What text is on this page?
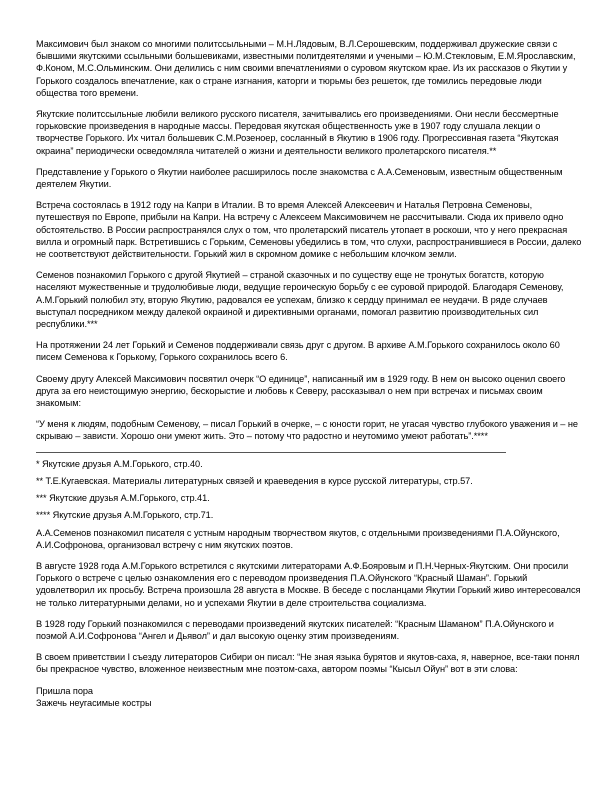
Максимович был знаком со многими политссыльными – М.Н.Лядовым, В.Л.Серошевским, поддерживал дружеские связи с бывшими якутскими ссыльными большевиками, известными политдеятелями и учеными – Ю.М.Стекловым, Е.М.Ярославским, Ф.Коном, М.С.Ольминским. Они делились с ним своими впечатлениями о суровом якутском крае. Из их рассказов о Якутии у Горького создалось впечатление, как о стране изгнания, каторги и тюрьмы без решеток, где томились передовые люди общества того времени.

Якутские политссыльные любили великого русского писателя, зачитывались его произведениями. Они несли бессмертные горьковские произведения в народные массы. Передовая якутская общественность уже в 1907 году слушала лекции о творчестве Горького. Их читал большевик С.М.Розенoер, сосланный в Якутию в 1906 году. Прогрессивная газета “Якутская окраина” периодически осведомляла читателей о жизни и деятельности великого пролетарского писателя.**

Представление у Горького о Якутии наиболее расширилось после знакомства с А.А.Семеновым, известным общественным деятелем Якутии.

Встреча состоялась в 1912 году на Капри в Италии. В то время Алексей Алексеевич и Наталья Петровна Семеновы, путешествуя по Европе, прибыли на Капри. На встречу с Алексеем Максимовичем не рассчитывали. Сюда их привело одно обстоятельство. В России распространялся слух о том, что пролетарский писатель утопает в роскоши, что у него прекрасная вилла и огромный парк. Встретившись с Горьким, Семеновы убедились в том, что слухи, распространившиеся в России, далеко не соответствуют действительности. Горький жил в скромном домике с небольшим клочком земли.

Семенов познакомил Горького с другой Якутией – страной сказочных и по существу еще не тронутых богатств, которую населяют мужественные и трудолюбивые люди, ведущие героическую борьбу с ее суровой природой. Благодаря Семенову, А.М.Горький полюбил эту, вторую Якутию, радовался ее успехам, близко к сердцу принимал ее неудачи. В ряде случаев выступал посредником между далекой окраиной и директивными органами, помогал развитию производительных сил республики.***

На протяжении 24 лет Горький и Семенов поддерживали связь друг с другом. В архиве А.М.Горького сохранилось около 60 писем Семенова к Горькому, Горького сохранилось всего 6.

Своему другу Алексей Максимович посвятил очерк “О единице”, написанный им в 1929 году. В нем он высоко оценил своего друга за его неистощимую энергию, бескорыстие и любовь к Северу, рассказывал о нем при встречах и письмах своим знакомым:

“У меня к людям, подобным Семенову, – писал Горький в очерке, – с юности горит, не угасая чувство глубокого уважения и – не скрываю – зависти. Хорошо они умеют жить. Это – потому что радостно и неутомимо умеют работать”.****

* Якутские друзья А.М.Горького, стр.40.

** Т.Е.Кугаевская. Материалы литературных связей и краеведения в курсе русской литературы, стр.57.

*** Якутские друзья А.М.Горького, стр.41.

**** Якутские друзья А.М.Горького, стр.71.

А.А.Семенов познакомил писателя с устным народным творчеством якутов, с отдельными произведениями П.А.Ойунского, А.И.Софронова, организовал встречу с ним якутских поэтов.

В августе 1928 года А.М.Горького встретился с якутскими литераторами А.Ф.Бояровым и П.Н.Черных-Якутским. Они просили Горького о встрече с целью ознакомления его с переводом произведения П.А.Ойунского “Красный Шаман”. Горький удовлетворил их просьбу. Встреча произошла 28 августа в Москве. В беседе с посланцами Якутии Горький живо интересовался не только литературными делами, но и успехами Якутии в деле строительства социализма.

В 1928 году Горький познакомился с переводами произведений якутских писателей: “Красным Шаманом” П.А.Ойунского и поэмой А.И.Софронова “Ангел и Дьявол” и дал высокую оценку этим произведениям.

В своем приветствии I съезду литераторов Сибири он писал: “Не зная языка бурятов и якутов-саха, я, наверное, все-таки понял бы прекрасное чувство, вложенное неизвестным мне поэтом-саха, автором поэмы “Кысыл Ойун” вот в эти слова:

Пришла пора

Зажечь неугасимые костры
